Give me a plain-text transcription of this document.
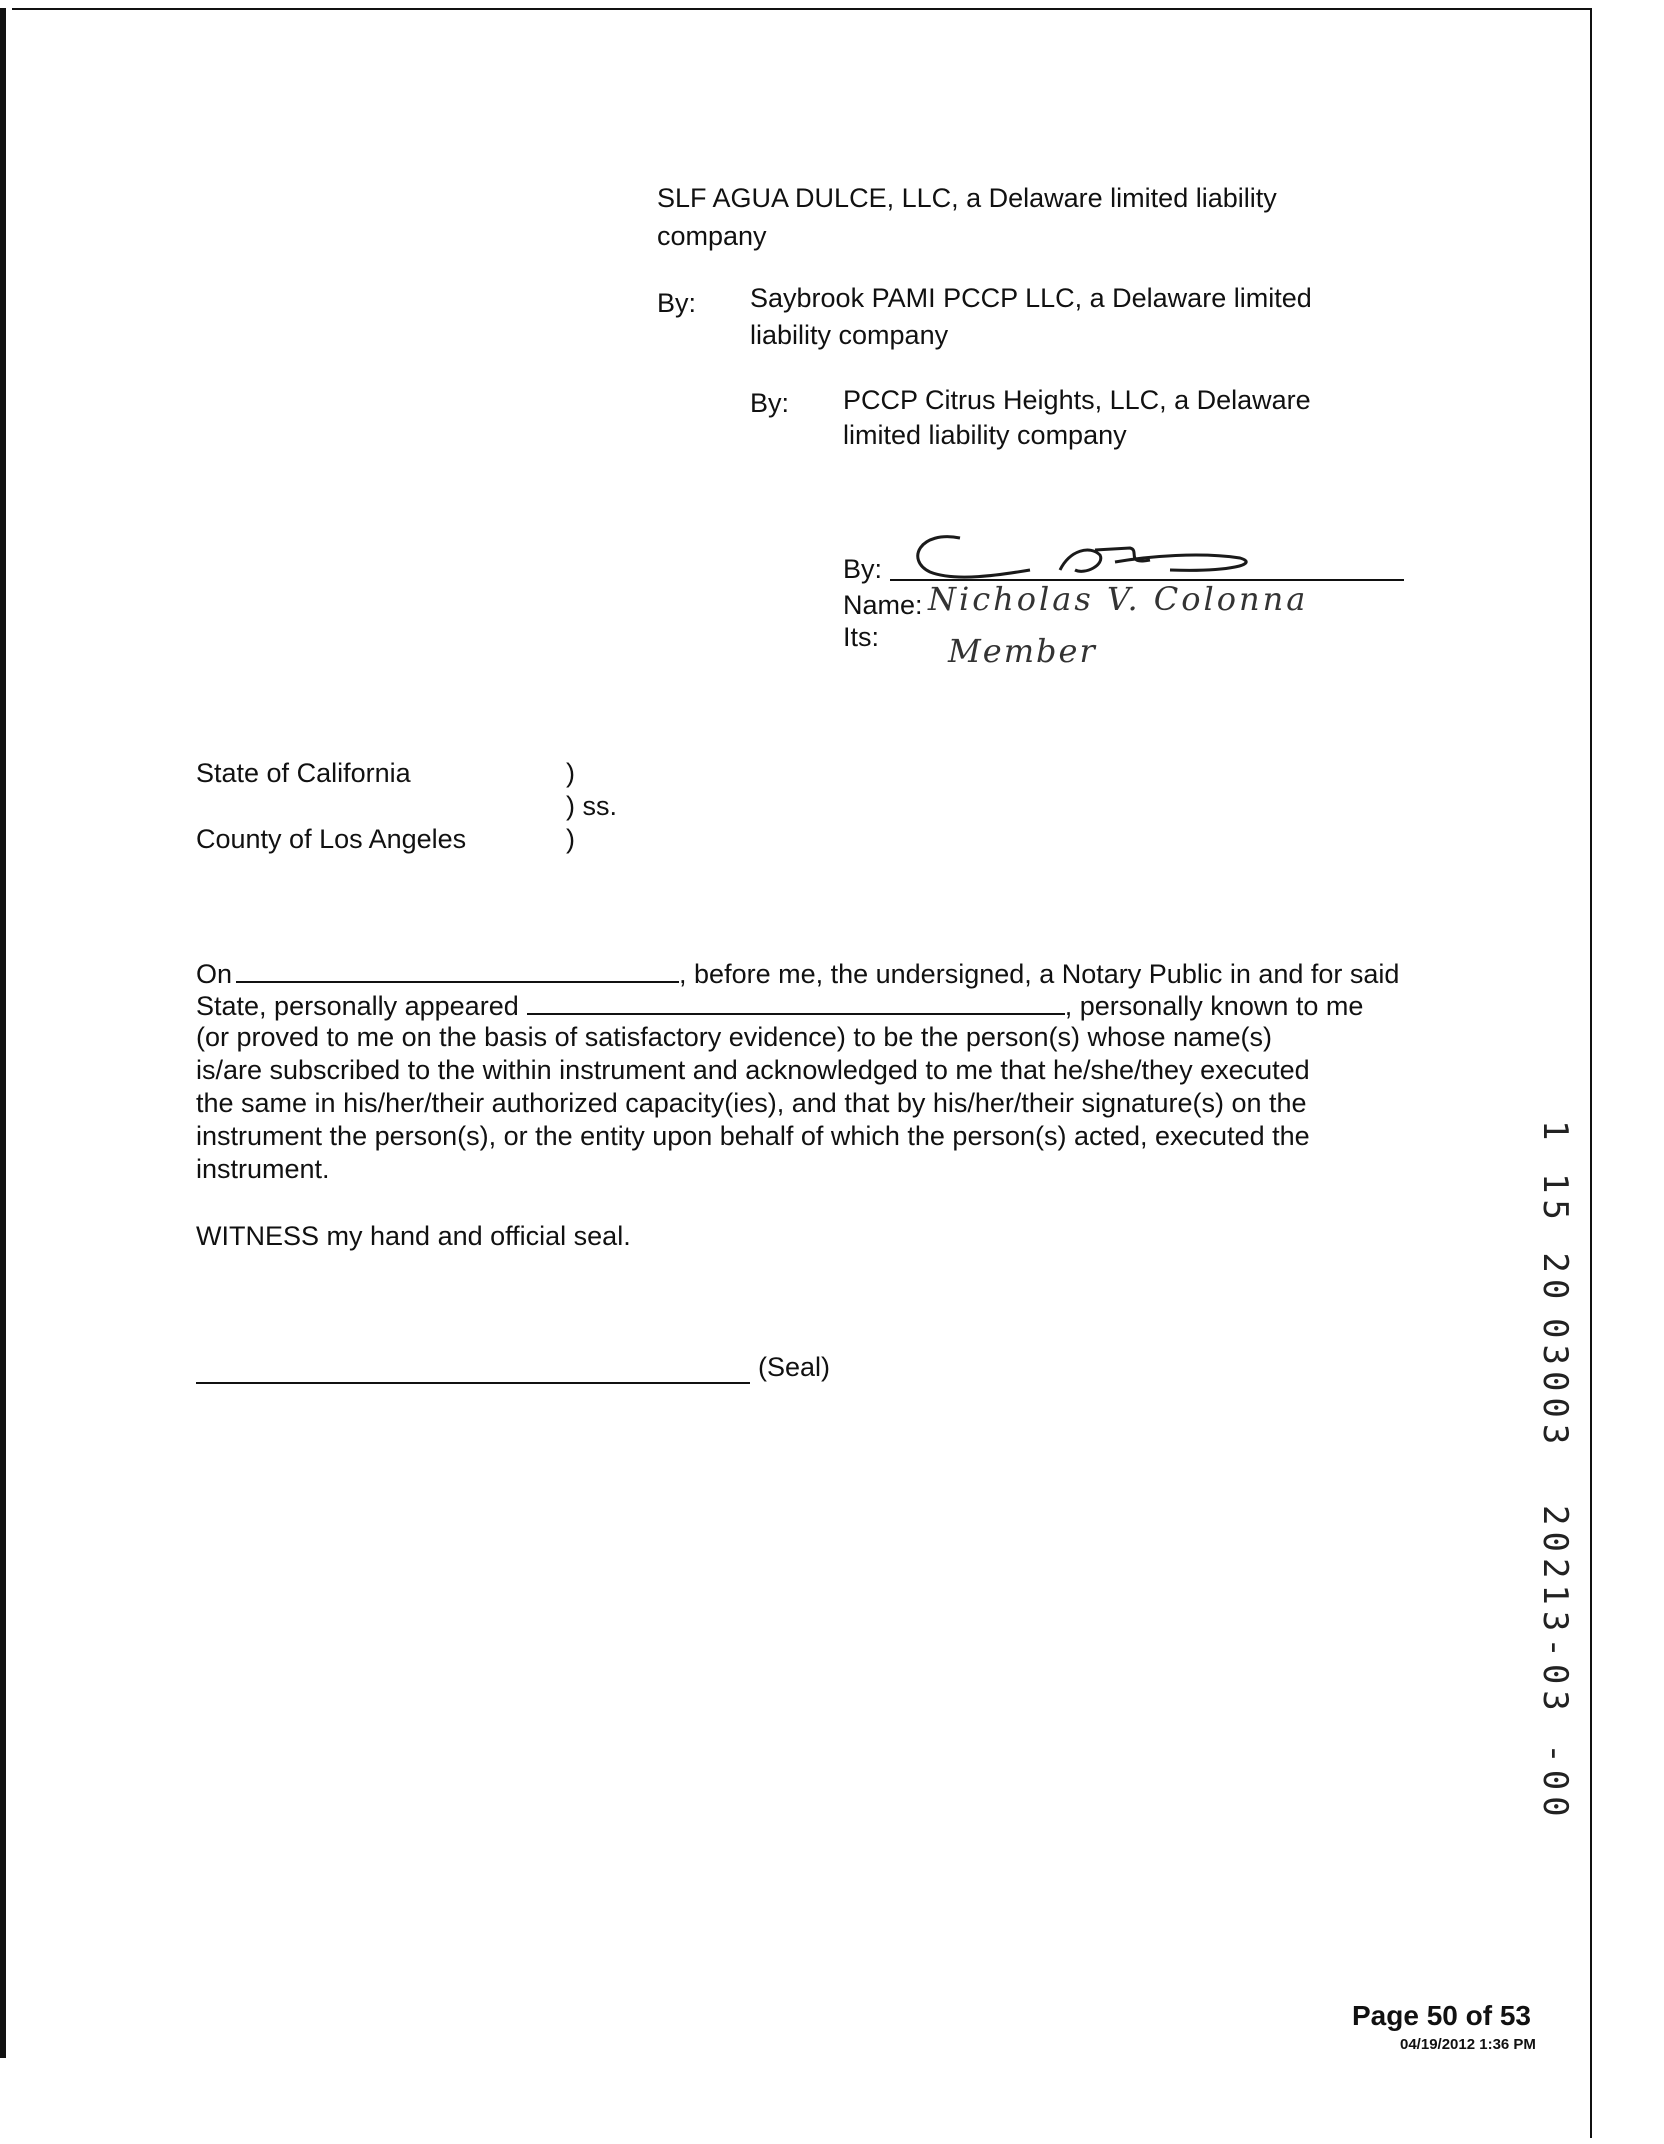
SLF AGUA DULCE, LLC, a Delaware limited liability
company
By: Saybrook PAMI PCCP LLC, a Delaware limited
liability company
By: PCCP Citrus Heights, LLC, a Delaware
limited liability company
By:
Name: Nicholas V. Colonna
Its: Member
State of California	)
) ss.
County of Los Angeles	)
On	, before me, the undersigned, a Notary Public in and for said
State, personally appeared	, personally known to me
(or proved to me on the basis of satisfactory evidence) to be the person(s) whose name(s)
is/are subscribed to the within instrument and acknowledged to me that he/she/they executed
the same in his/her/their authorized capacity(ies), and that by his/her/their signature(s) on the
instrument the person(s), or the entity upon behalf of which the person(s) acted, executed the
instrument.
WITNESS my hand and official seal.
(Seal)
1 15 20
03003
20213-03 -00
Page 50 of 53
04/19/2012 1:36 PM
